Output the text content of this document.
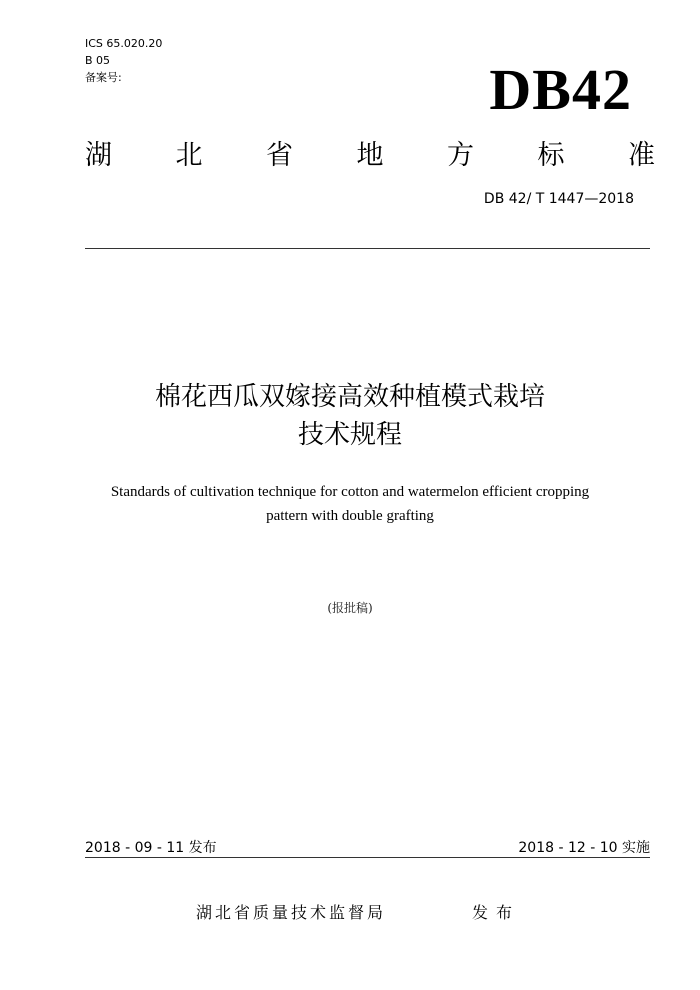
ICS 65.020.20
B 05
备案号:	DB42
湖 北 省 地 方 标 准
DB 42/ T 1447—2018
棉花西瓜双嫁接高效种植模式栽培
技术规程
Standards of cultivation technique for cotton and watermelon efficient cropping
pattern with double grafting
(报批稿)
2018 - 09 - 11 发布	2018 - 12 - 10 实施
湖北省质量技术监督局	发布
